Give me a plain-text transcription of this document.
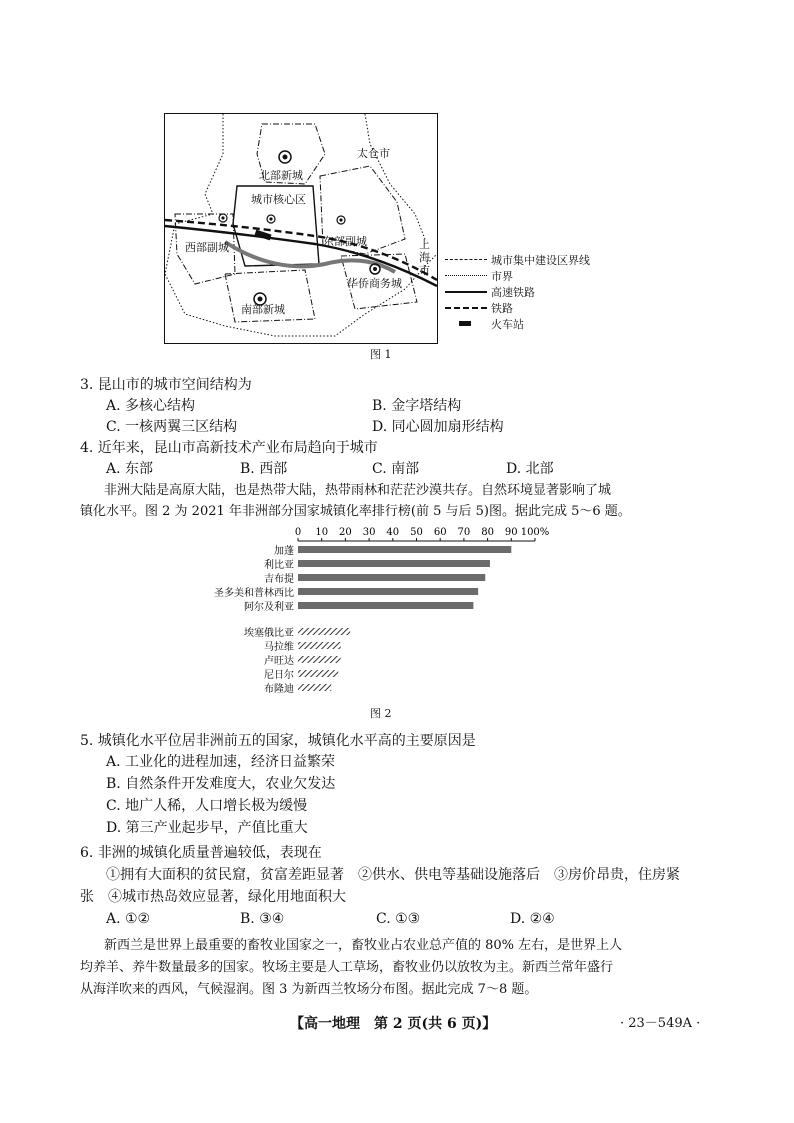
北部新城
城市核心区
西部副城	东部副城
南部新城
华侨商务城
太仓市
上海市
城市集中建设区界线
市界
高速铁路
铁路
火车站
图 1
3. 昆山市的城市空间结构为
A. 多核心结构	B. 金字塔结构
C. 一核两翼三区结构	D. 同心圆加扇形结构
4. 近年来，昆山市高新技术产业布局趋向于城市
A. 东部	B. 西部	C. 南部	D. 北部
非洲大陆是高原大陆，也是热带大陆，热带雨林和茫茫沙漠共存。自然环境显著影响了城
镇化水平。图 2 为 2021 年非洲部分国家城镇化率排行榜(前 5 与后 5)图。据此完成 5～6 题。
0 10 20 30 40 50 60 70 80 90 100%
加蓬
利比亚
吉布提
圣多美和普林西比
阿尔及利亚
埃塞俄比亚
马拉维
卢旺达
尼日尔
布隆迪
图 2
5. 城镇化水平位居非洲前五的国家，城镇化水平高的主要原因是
A. 工业化的进程加速，经济日益繁荣
B. 自然条件开发难度大，农业欠发达
C. 地广人稀，人口增长极为缓慢
D. 第三产业起步早，产值比重大
6. 非洲的城镇化质量普遍较低，表现在
①拥有大面积的贫民窟，贫富差距显著　②供水、供电等基础设施落后　③房价昂贵，住房紧
张　④城市热岛效应显著，绿化用地面积大
A. ①②	B. ③④	C. ①③	D. ②④
新西兰是世界上最重要的畜牧业国家之一，畜牧业占农业总产值的 80% 左右，是世界上人
均养羊、养牛数量最多的国家。牧场主要是人工草场，畜牧业仍以放牧为主。新西兰常年盛行
从海洋吹来的西风，气候湿润。图 3 为新西兰牧场分布图。据此完成 7～8 题。
【高一地理　第 2 页(共 6 页)】	· 23－549A ·
